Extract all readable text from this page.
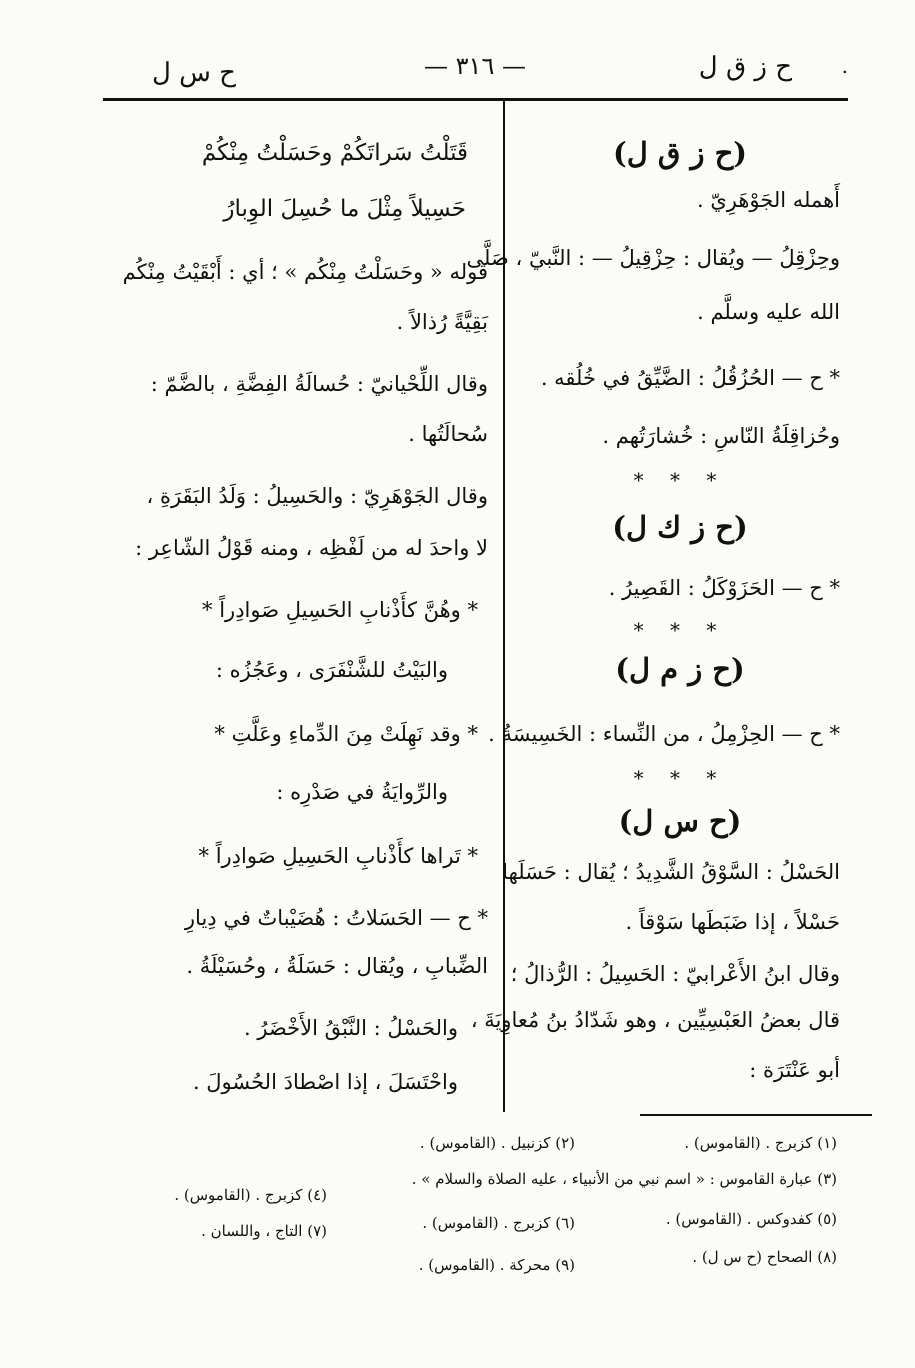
ح ز ق ل
— ٣١٦ —
ح س ل	.
(ح ز ق ل)
أَهمله الجَوْهَرِيّ .
وحِزْقِلُ — ويُقال : حِزْقِيلُ — : النَّبيّ ، صَلَّى
الله عليه وسلَّم .
* ح — الحُزُقُلُ : الضَّيِّقُ في خُلُقه .
وحُزاقِلَةُ النّاسِ : خُشارَتُهم .
* * *
(ح ز ك ل)
* ح — الحَزَوْكَلُ : القَصِيرُ .
* * *
(ح ز م ل)
* ح — الحِزْمِلُ ، من النِّساء : الخَسِيسَةُ .
* * *
(ح س ل)
الحَسْلُ : السَّوْقُ الشَّدِيدُ ؛ يُقال : حَسَلَها
حَسْلاً ، إذا ضَبَطَها سَوْقاً .
وقال ابنُ الأَعْرابيّ : الحَسِيلُ : الرُّذالُ ؛
قال بعضُ العَبْسِيِّين ، وهو شَدّادُ بنُ مُعاوِيَةَ ،
أبو عَنْتَرَة :
قَتَلْتُ سَراتَكُمْ وحَسَلْتُ مِنْكُمْ
حَسِيلاً مِثْلَ ما حُسِلَ الوِبارُ
قوله « وحَسَلْتُ مِنْكُم » ؛ أي : أَبْقَيْتُ مِنْكُم
بَقِيَّةً رُذالاً .
وقال اللِّحْيانيّ : حُسالَةُ الفِضَّةِ ، بالضَّمّ :
سُحالَتُها .
وقال الجَوْهَرِيّ : والحَسِيلُ : وَلَدُ البَقَرَةِ ،
لا واحدَ له من لَفْظِه ، ومنه قَوْلُ الشّاعِر :
* وهُنَّ كأَذْنابِ الحَسِيلِ صَوادِراً *
والبَيْتُ للشَّنْفَرَى ، وعَجُزُه :
* وقد نَهِلَتْ مِنَ الدِّماءِ وعَلَّتِ *
والرِّوايَةُ في صَدْرِه :
* تَراها كأَذْنابِ الحَسِيلِ صَوادِراً *
* ح — الحَسَلاتُ : هُضَيْباتٌ في دِيارِ
الضِّبابِ ، ويُقال : حَسَلَةُ ، وحُسَيْلَةُ .
والحَسْلُ : النَّبْقُ الأَخْضَرُ .
واحْتَسَلَ ، إذا اصْطادَ الحُسُولَ .
(١) كزبرج . (القاموس) .
(٢) كزنبيل . (القاموس) .
(٣) عبارة القاموس : « اسم نبي من الأنبياء ، عليه الصلاة والسلام » .
(٤) كزبرج . (القاموس) .
(٥) كفدوكس . (القاموس) .
(٦) كزبرج . (القاموس) .
(٧) التاج ، واللسان .
(٨) الصحاح (ح س ل) .
(٩) محركة . (القاموس) .
